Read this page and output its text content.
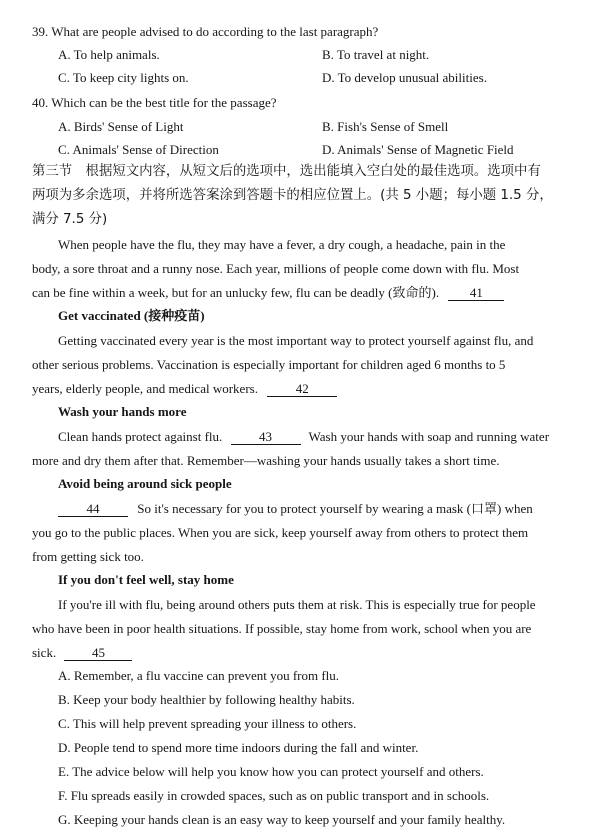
39. What are people advised to do according to the last paragraph?
A. To help animals.	B. To travel at night.
C. To keep city lights on.	D. To develop unusual abilities.
40. Which can be the best title for the passage?
A. Birds' Sense of Light	B. Fish's Sense of Smell
C. Animals' Sense of Direction	D. Animals' Sense of Magnetic Field
第三节　根据短文内容，从短文后的选项中，选出能填入空白处的最佳选项。选项中有
两项为多余选项，并将所选答案涂到答题卡的相应位置上。(共 5 小题；每小题 1.5 分，
满分 7.5 分)
When people have the flu, they may have a fever, a dry cough, a headache, pain in the
body, a sore throat and a runny nose. Each year, millions of people come down with flu. Most
can be fine within a week, but for an unlucky few, flu can be deadly (致命的). 41
Get vaccinated (接种疫苗)
Getting vaccinated every year is the most important way to protect yourself against flu, and
other serious problems. Vaccination is especially important for children aged 6 months to 5
years, elderly people, and medical workers.	42
Wash your hands more
Clean hands protect against flu.	43	Wash your hands with soap and running water
more and dry them after that. Remember—washing your hands usually takes a short time.
Avoid being around sick people
44	So it's necessary for you to protect yourself by wearing a mask (口罩) when
you go to the public places. When you are sick, keep yourself away from others to protect them
from getting sick too.
If you don't feel well, stay home
If you're ill with flu, being around others puts them at risk. This is especially true for people
who have been in poor health situations. If possible, stay home from work, school when you are
sick.	45
A. Remember, a flu vaccine can prevent you from flu.
B. Keep your body healthier by following healthy habits.
C. This will help prevent spreading your illness to others.
D. People tend to spend more time indoors during the fall and winter.
E. The advice below will help you know how you can protect yourself and others.
F. Flu spreads easily in crowded spaces, such as on public transport and in schools.
G. Keeping your hands clean is an easy way to keep yourself and your family healthy.
